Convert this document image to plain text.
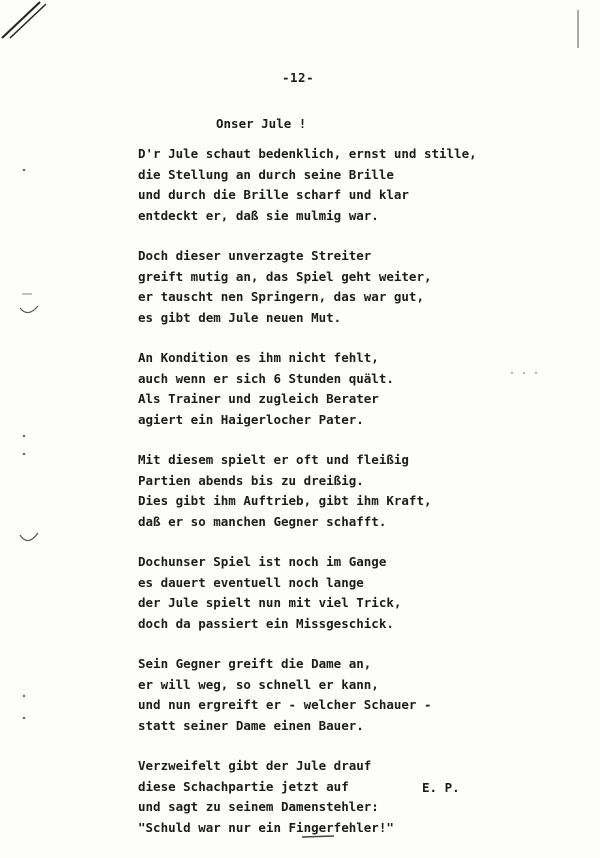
-12-
Onser Jule !
D'r Jule schaut bedenklich, ernst und stille,
die Stellung an durch seine Brille
und durch die Brille scharf und klar
entdeckt er, daß sie mulmig war.
Doch dieser unverzagte Streiter
greift mutig an, das Spiel geht weiter,
er tauscht nen Springern, das war gut,
es gibt dem Jule neuen Mut.
An Kondition es ihm nicht fehlt,
auch wenn er sich 6 Stunden quält.
Als Trainer und zugleich Berater
agiert ein Haigerlocher Pater.
Mit diesem spielt er oft und fleißig
Partien abends bis zu dreißig.
Dies gibt ihm Auftrieb, gibt ihm Kraft,
daß er so manchen Gegner schafft.
Dochunser Spiel ist noch im Gange
es dauert eventuell noch lange
der Jule spielt nun mit viel Trick,
doch da passiert ein Missgeschick.
Sein Gegner greift die Dame an,
er will weg, so schnell er kann,
und nun ergreift er - welcher Schauer -
statt seiner Dame einen Bauer.
Verzweifelt gibt der Jule drauf
diese Schachpartie jetzt auf
und sagt zu seinem Damenstehler:
"Schuld war nur ein Fingerfehler!"
E. P.
